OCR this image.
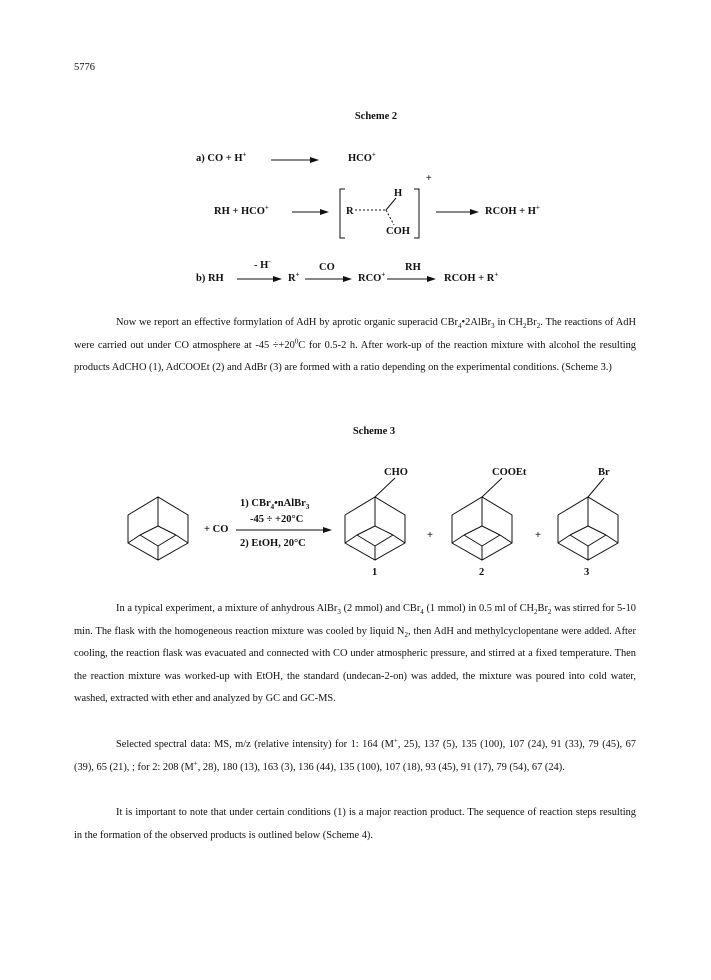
5776
Scheme 2
a) CO + H+	HCO+
RH + HCO+
+
H
R
COH
RCOH + H+
- H-
CO	RH
b) RH	R+	RCO+	RCOH + R+

Now we report an effective formylation of AdH by aprotic organic superacid CBr$_4$•2AlBr$_3$ in $CH_2Br_2$. The reactions of AdH were carried out under CO atmosphere at $-45 \div+20^0C$ for 0.5-2 h. After work-up of the reaction mixture with alcohol the resulting products AdCHO (1), AdCOOEt (2) and AdBr (3) are formed with a ratio depending on the experimental conditions. (Scheme 3.)

Scheme 3
+ CO
1) CBr$_4$•nAlBr$_3$
-45 ÷ +20°C
2) EtOH, 20°C
CHO	COOEt	Br
+	+
1	2	3

In a typical experiment, a mixture of anhydrous AlBr$_3$ (2 mmol) and CBr$_4$ (1 mmol) in 0.5 ml of $CH_2Br_2$ was stirred for 5-10 min. The flask with the homogeneous reaction mixture was cooled by liquid $N_2$, then AdH and methylcyclopentane were added. After cooling, the reaction flask was evacuated and connected with CO under atmospheric pressure, and stirred at a fixed temperature. Then the reaction mixture was worked-up with EtOH, the standard (undecan-2-on) was added, the mixture was poured into cold water, washed, extracted with ether and analyzed by GC and GC-MS.

Selected spectral data: MS, m/z (relative intensity) for 1: 164 (M+, 25), 137 (5), 135 (100), 107 (24), 91 (33), 79 (45), 67 (39), 65 (21), ; for 2: 208 (M+, 28), 180 (13), 163 (3), 136 (44), 135 (100), 107 (18), 93 (45), 91 (17), 79 (54), 67 (24).

It is important to note that under certain conditions (1) is a major reaction product. The sequence of reaction steps resulting in the formation of the observed products is outlined below (Scheme 4).
